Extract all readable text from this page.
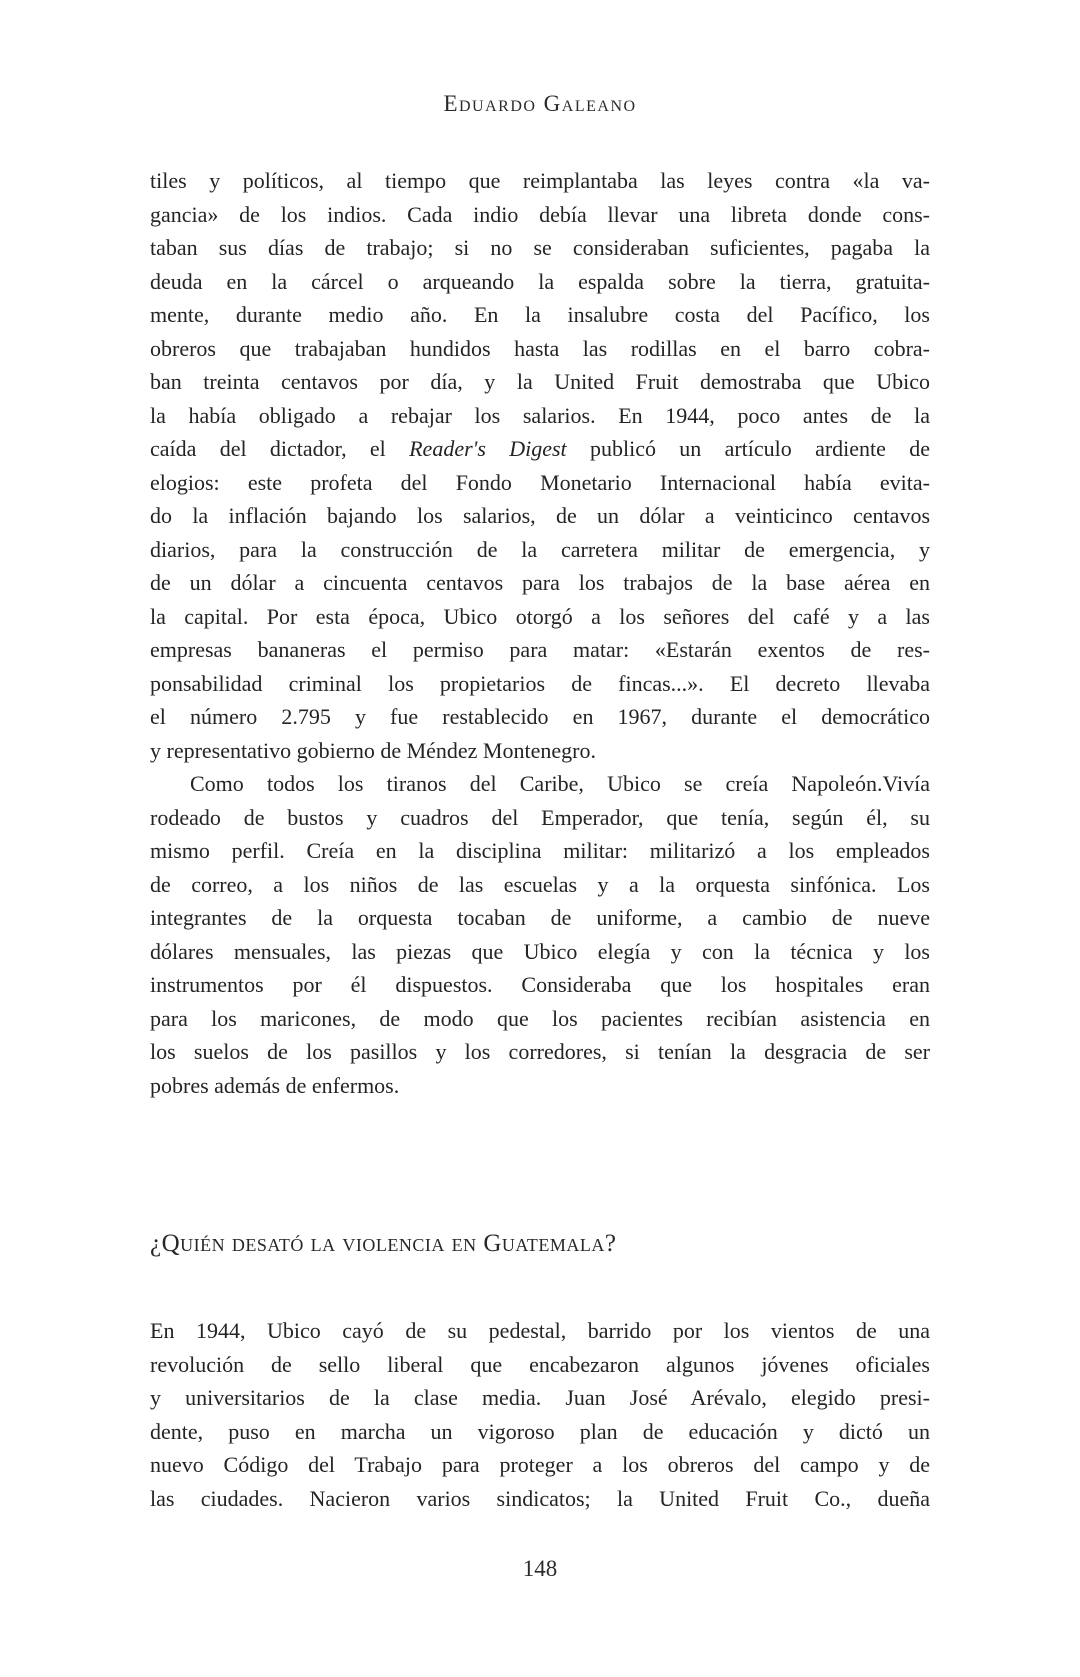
Eduardo Galeano
tiles y políticos, al tiempo que reimplantaba las leyes contra «la va-
gancia» de los indios. Cada indio debía llevar una libreta donde cons-
taban sus días de trabajo; si no se consideraban suficientes, pagaba la
deuda en la cárcel o arqueando la espalda sobre la tierra, gratuita-
mente, durante medio año. En la insalubre costa del Pacífico, los
obreros que trabajaban hundidos hasta las rodillas en el barro cobra-
ban treinta centavos por día, y la United Fruit demostraba que Ubico
la había obligado a rebajar los salarios. En 1944, poco antes de la
caída del dictador, el Reader's Digest publicó un artículo ardiente de
elogios: este profeta del Fondo Monetario Internacional había evita-
do la inflación bajando los salarios, de un dólar a veinticinco centavos
diarios, para la construcción de la carretera militar de emergencia, y
de un dólar a cincuenta centavos para los trabajos de la base aérea en
la capital. Por esta época, Ubico otorgó a los señores del café y a las
empresas bananeras el permiso para matar: «Estarán exentos de res-
ponsabilidad criminal los propietarios de fincas...». El decreto llevaba
el número 2.795 y fue restablecido en 1967, durante el democrático
y representativo gobierno de Méndez Montenegro.
Como todos los tiranos del Caribe, Ubico se creía Napoleón.Vivía
rodeado de bustos y cuadros del Emperador, que tenía, según él, su
mismo perfil. Creía en la disciplina militar: militarizó a los empleados
de correo, a los niños de las escuelas y a la orquesta sinfónica. Los
integrantes de la orquesta tocaban de uniforme, a cambio de nueve
dólares mensuales, las piezas que Ubico elegía y con la técnica y los
instrumentos por él dispuestos. Consideraba que los hospitales eran
para los maricones, de modo que los pacientes recibían asistencia en
los suelos de los pasillos y los corredores, si tenían la desgracia de ser
pobres además de enfermos.
¿Quién desató la violencia en Guatemala?
En 1944, Ubico cayó de su pedestal, barrido por los vientos de una
revolución de sello liberal que encabezaron algunos jóvenes oficiales
y universitarios de la clase media. Juan José Arévalo, elegido presi-
dente, puso en marcha un vigoroso plan de educación y dictó un
nuevo Código del Trabajo para proteger a los obreros del campo y de
las ciudades. Nacieron varios sindicatos; la United Fruit Co., dueña
148
